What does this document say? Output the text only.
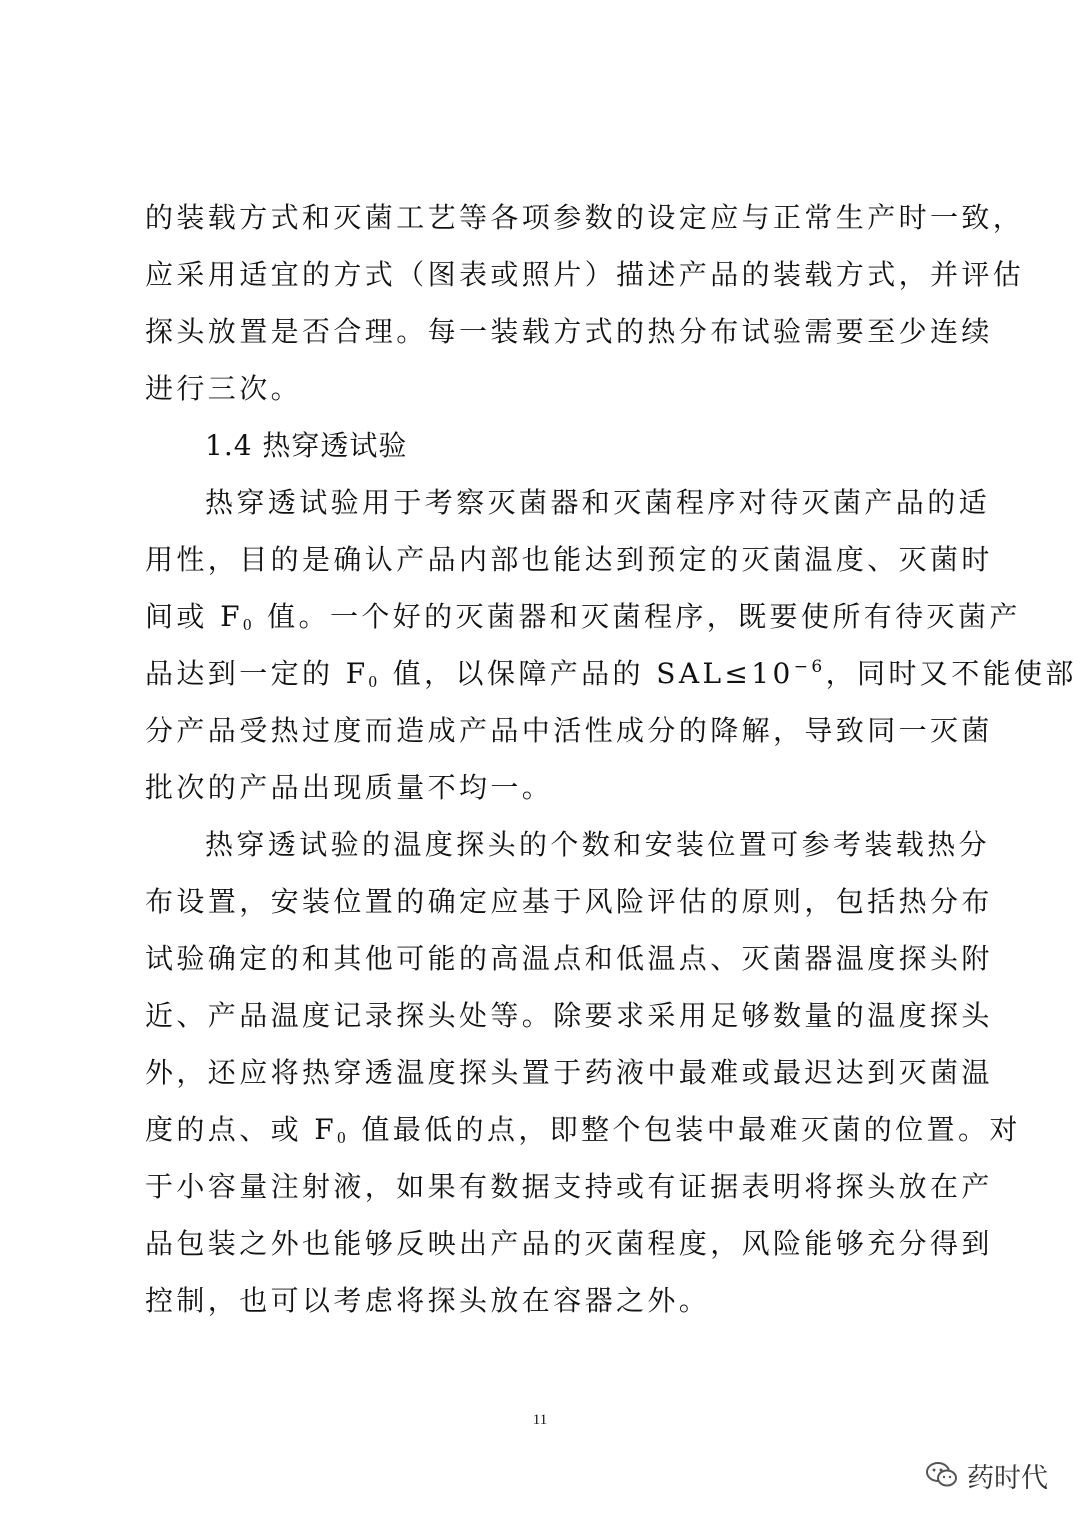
的装载方式和灭菌工艺等各项参数的设定应与正常生产时一致，
应采用适宜的方式（图表或照片）描述产品的装载方式，并评估
探头放置是否合理。每一装载方式的热分布试验需要至少连续
进行三次。
1.4 热穿透试验
热穿透试验用于考察灭菌器和灭菌程序对待灭菌产品的适
用性，目的是确认产品内部也能达到预定的灭菌温度、灭菌时
间或 $F_0$ 值。一个好的灭菌器和灭菌程序，既要使所有待灭菌产
品达到一定的 $F_0$ 值，以保障产品的 $SAL\le 10^{-6}$，同时又不能使部
分产品受热过度而造成产品中活性成分的降解，导致同一灭菌
批次的产品出现质量不均一。
热穿透试验的温度探头的个数和安装位置可参考装载热分
布设置，安装位置的确定应基于风险评估的原则，包括热分布
试验确定的和其他可能的高温点和低温点、灭菌器温度探头附
近、产品温度记录探头处等。除要求采用足够数量的温度探头
外，还应将热穿透温度探头置于药液中最难或最迟达到灭菌温
度的点、或 $F_0$ 值最低的点，即整个包装中最难灭菌的位置。对
于小容量注射液，如果有数据支持或有证据表明将探头放在产
品包装之外也能够反映出产品的灭菌程度，风险能够充分得到
控制，也可以考虑将探头放在容器之外。
11
药时代
